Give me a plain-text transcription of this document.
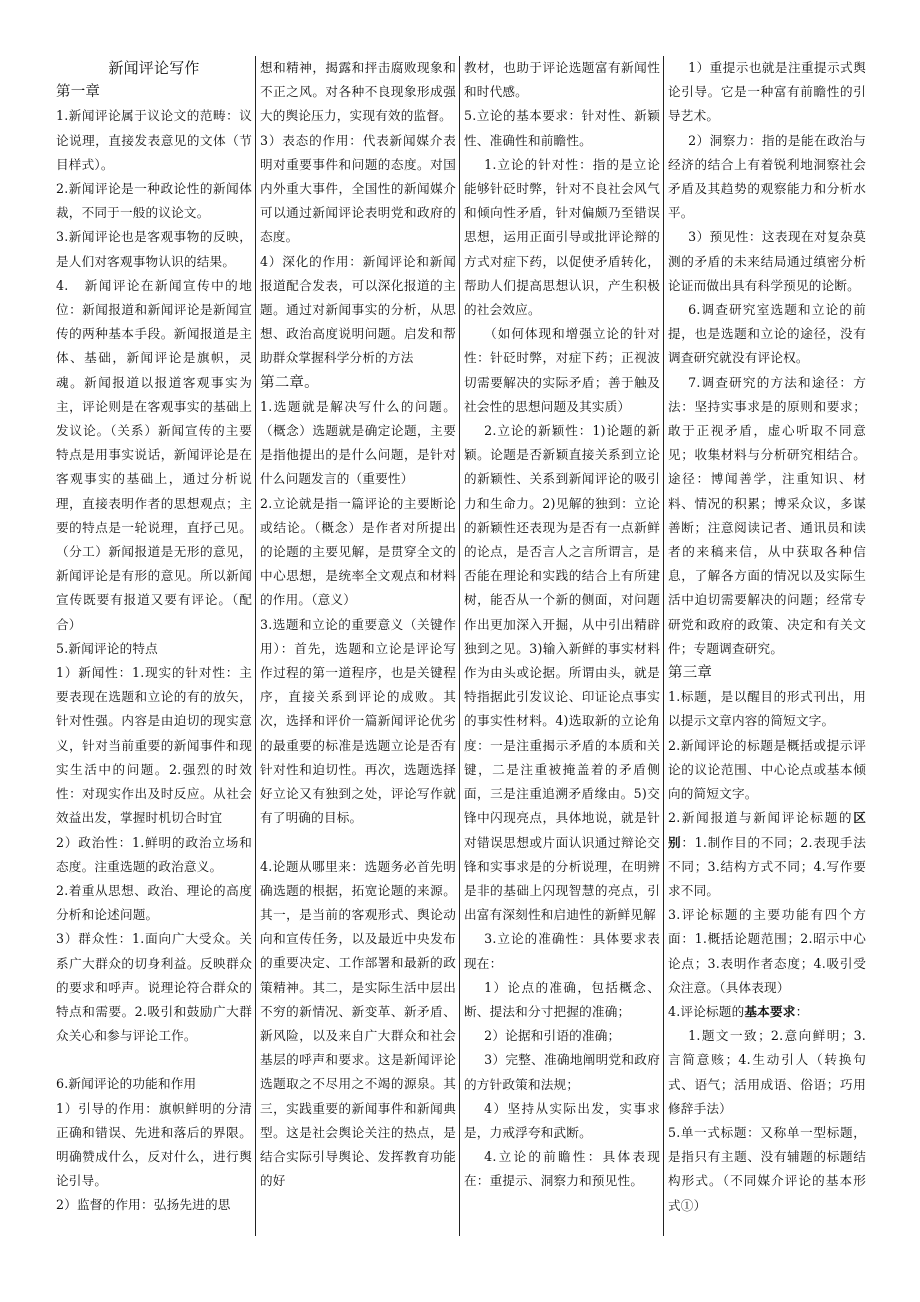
新闻评论写作

第一章

1.新闻评论属于议论文的范畴：议论说理，直接发表意见的文体（节目样式）。

2.新闻评论是一种政论性的新闻体裁，不同于一般的议论文。

3.新闻评论也是客观事物的反映，是人们对客观事物认识的结果。

4.   新闻评论在新闻宣传中的地位：新闻报道和新闻评论是新闻宣传的两种基本手段。新闻报道是主体、基础，新闻评论是旗帜，灵魂。新闻报道以报道客观事实为主，评论则是在客观事实的基础上发议论。（关系）新闻宣传的主要特点是用事实说话，新闻评论是在客观事实的基础上，通过分析说理，直接表明作者的思想观点；主要的特点是一轮说理，直抒己见。（分工）新闻报道是无形的意见，新闻评论是有形的意见。所以新闻宣传既要有报道又要有评论。（配合）

5.新闻评论的特点

1）新闻性：1.现实的针对性：主要表现在选题和立论的有的放矢，针对性强。内容是由迫切的现实意义，针对当前重要的新闻事件和现实生活中的问题。2.强烈的时效性：对现实作出及时反应。从社会效益出发，掌握时机切合时宜

2）政治性：1.鲜明的政治立场和态度。注重选题的政治意义。

2.着重从思想、政治、理论的高度分析和论述问题。

3）群众性：1.面向广大受众。关系广大群众的切身利益。反映群众的要求和呼声。说理论符合群众的特点和需要。2.吸引和鼓励广大群众关心和参与评论工作。

6.新闻评论的功能和作用

1）引导的作用：旗帜鲜明的分清正确和错误、先进和落后的界限。明确赞成什么，反对什么，进行舆论引导。

2）监督的作用：弘扬先进的思

想和精神，揭露和抨击腐败现象和不正之风。对各种不良现象形成强大的舆论压力，实现有效的监督。

3）表态的作用：代表新闻媒介表明对重要事件和问题的态度。对国内外重大事件，全国性的新闻媒介可以通过新闻评论表明党和政府的态度。

4）深化的作用：新闻评论和新闻报道配合发表，可以深化报道的主题。通过对新闻事实的分析，从思想、政治高度说明问题。启发和帮助群众掌握科学分析的方法

第二章。

1.选题就是解决写什么的问题。（概念）选题就是确定论题，主要是指他提出的是什么问题，是针对什么问题发言的（重要性）

2.立论就是指一篇评论的主要断论或结论。（概念）是作者对所提出的论题的主要见解，是贯穿全文的中心思想，是统率全文观点和材料的作用。（意义）

3.选题和立论的重要意义（关键作用）：首先，选题和立论是评论写作过程的第一道程序，也是关键程序，直接关系到评论的成败。其次，选择和评价一篇新闻评论优劣的最重要的标准是选题立论是否有针对性和迫切性。再次，选题选择好立论又有独到之处，评论写作就有了明确的目标。

4.论题从哪里来：选题务必首先明确选题的根据，拓宽论题的来源。其一，是当前的客观形式、舆论动向和宣传任务，以及最近中央发布的重要决定、工作部署和最新的政策精神。其二，是实际生活中层出不穷的新情况、新变革、新矛盾、新风险，以及来自广大群众和社会基层的呼声和要求。这是新闻评论选题取之不尽用之不竭的源泉。其三，实践重要的新闻事件和新闻典型。这是社会舆论关注的热点，是结合实际引导舆论、发挥教育功能的好

教材，也助于评论选题富有新闻性和时代感。

5.立论的基本要求：针对性、新颖性、准确性和前瞻性。

1.立论的针对性：指的是立论能够针砭时弊，针对不良社会风气和倾向性矛盾，针对偏颇乃至错误思想，运用正面引导或批评论辩的方式对症下药，以促使矛盾转化，帮助人们提高思想认识，产生积极的社会效应。

（如何体现和增强立论的针对性：针砭时弊，对症下药；正视波切需要解决的实际矛盾；善于触及社会性的思想问题及其实质）

2.立论的新颖性：1)论题的新颖。论题是否新颖直接关系到立论的新颖性、关系到新闻评论的吸引力和生命力。2)见解的独到：立论的新颖性还表现为是否有一点新鲜的论点，是否言人之言所谓言，是否能在理论和实践的结合上有所建树，能否从一个新的侧面，对问题作出更加深入开掘，从中引出精辟独到之见。3)输入新鲜的事实材料作为由头或论据。所谓由头，就是特指据此引发议论、印证论点事实的事实性材料。4)选取新的立论角度：一是注重揭示矛盾的本质和关键，二是注重被掩盖着的矛盾侧面，三是注重追溯矛盾缘由。5)交锋中闪现亮点，具体地说，就是针对错误思想或片面认识通过辩论交锋和实事求是的分析说理，在明辨是非的基础上闪现智慧的亮点，引出富有深刻性和启迪性的新鲜见解

3.立论的准确性：具体要求表现在：

1）论点的准确，包括概念、断、提法和分寸把握的准确；

2）论据和引语的准确；

3）完整、准确地阐明党和政府的方针政策和法规；

4）坚持从实际出发，实事求是，力戒浮夸和武断。

4.立论的前瞻性：具体表现在：重提示、洞察力和预见性。

1）重提示也就是注重提示式舆论引导。它是一种富有前瞻性的引导艺术。

2）洞察力：指的是能在政治与经济的结合上有着锐利地洞察社会矛盾及其趋势的观察能力和分析水平。

3）预见性：这表现在对复杂莫测的矛盾的未来结局通过缜密分析论证而做出具有科学预见的论断。

6.调查研究室选题和立论的前提，也是选题和立论的途径，没有调查研究就没有评论权。

7.调查研究的方法和途径：方法：坚持实事求是的原则和要求；敢于正视矛盾，虚心听取不同意见；收集材料与分析研究相结合。途径：博闻善学，注重知识、材料、情况的积累；博采众议，多谋善断；注意阅读记者、通讯员和读者的来稿来信，从中获取各种信息，了解各方面的情况以及实际生活中迫切需要解决的问题；经常专研党和政府的政策、决定和有关文件；专题调查研究。

第三章

1.标题，是以醒目的形式刊出，用以提示文章内容的简短文字。

2.新闻评论的标题是概括或提示评论的议论范围、中心论点或基本倾向的简短文字。

2.新闻报道与新闻评论标题的区别：1.制作目的不同；2.表现手法不同；3.结构方式不同；4.写作要求不同。

3.评论标题的主要功能有四个方面：1.概括论题范围；2.昭示中心论点；3.表明作者态度；4.吸引受众注意。（具体表现）

4.评论标题的基本要求：

1.题文一致；2.意向鲜明；3.言简意赅；4.生动引人（转换句式、语气；活用成语、俗语；巧用修辞手法）

5.单一式标题：又称单一型标题，是指只有主题、没有辅题的标题结构形式。（不同媒介评论的基本形式①）
